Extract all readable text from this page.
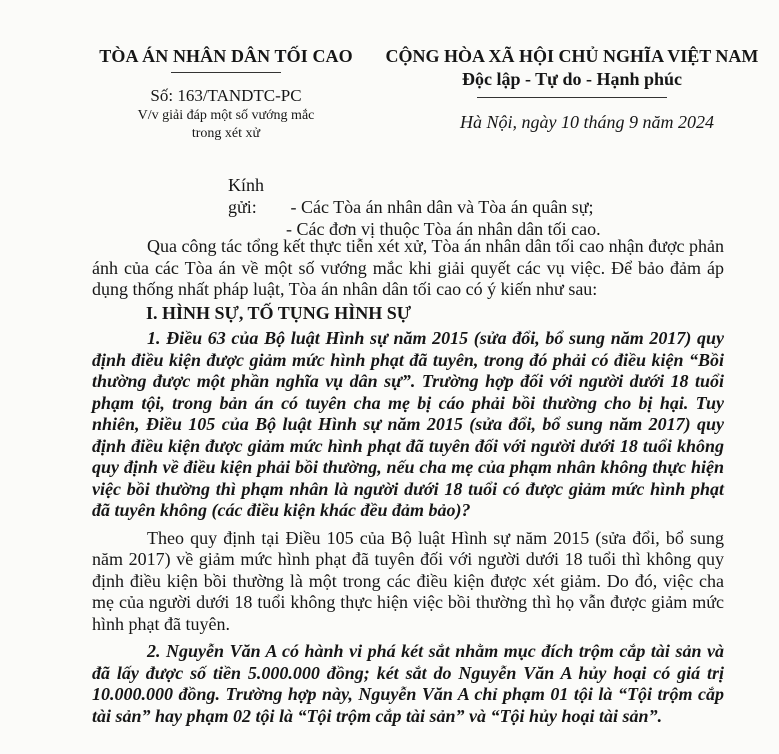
TÒA ÁN NHÂN DÂN TỐI CAO
Số: 163/TANDTC-PC
V/v giải đáp một số vướng mắc
trong xét xử
CỘNG HÒA XÃ HỘI CHỦ NGHĨA VIỆT NAM
Độc lập - Tự do - Hạnh phúc
Hà Nội, ngày 10 tháng 9 năm 2024
Kính gửi: - Các Tòa án nhân dân và Tòa án quân sự;
- Các đơn vị thuộc Tòa án nhân dân tối cao.

Qua công tác tổng kết thực tiễn xét xử, Tòa án nhân dân tối cao nhận được phản ánh của các Tòa án về một số vướng mắc khi giải quyết các vụ việc. Để bảo đảm áp dụng thống nhất pháp luật, Tòa án nhân dân tối cao có ý kiến như sau:

I. HÌNH SỰ, TỐ TỤNG HÌNH SỰ

1. Điều 63 của Bộ luật Hình sự năm 2015 (sửa đổi, bổ sung năm 2017) quy định điều kiện được giảm mức hình phạt đã tuyên, trong đó phải có điều kiện “Bồi thường được một phần nghĩa vụ dân sự”. Trường hợp đối với người dưới 18 tuổi phạm tội, trong bản án có tuyên cha mẹ bị cáo phải bồi thường cho bị hại. Tuy nhiên, Điều 105 của Bộ luật Hình sự năm 2015 (sửa đổi, bổ sung năm 2017) quy định điều kiện được giảm mức hình phạt đã tuyên đối với người dưới 18 tuổi không quy định về điều kiện phải bồi thường, nếu cha mẹ của phạm nhân không thực hiện việc bồi thường thì phạm nhân là người dưới 18 tuổi có được giảm mức hình phạt đã tuyên không (các điều kiện khác đều đảm bảo)?

Theo quy định tại Điều 105 của Bộ luật Hình sự năm 2015 (sửa đổi, bổ sung năm 2017) về giảm mức hình phạt đã tuyên đối với người dưới 18 tuổi thì không quy định điều kiện bồi thường là một trong các điều kiện được xét giảm. Do đó, việc cha mẹ của người dưới 18 tuổi không thực hiện việc bồi thường thì họ vẫn được giảm mức hình phạt đã tuyên.

2. Nguyễn Văn A có hành vi phá két sắt nhằm mục đích trộm cắp tài sản và đã lấy được số tiền 5.000.000 đồng; két sắt do Nguyễn Văn A hủy hoại có giá trị 10.000.000 đồng. Trường hợp này, Nguyễn Văn A chỉ phạm 01 tội là “Tội trộm cắp tài sản” hay phạm 02 tội là “Tội trộm cắp tài sản” và “Tội hủy hoại tài sản”.
